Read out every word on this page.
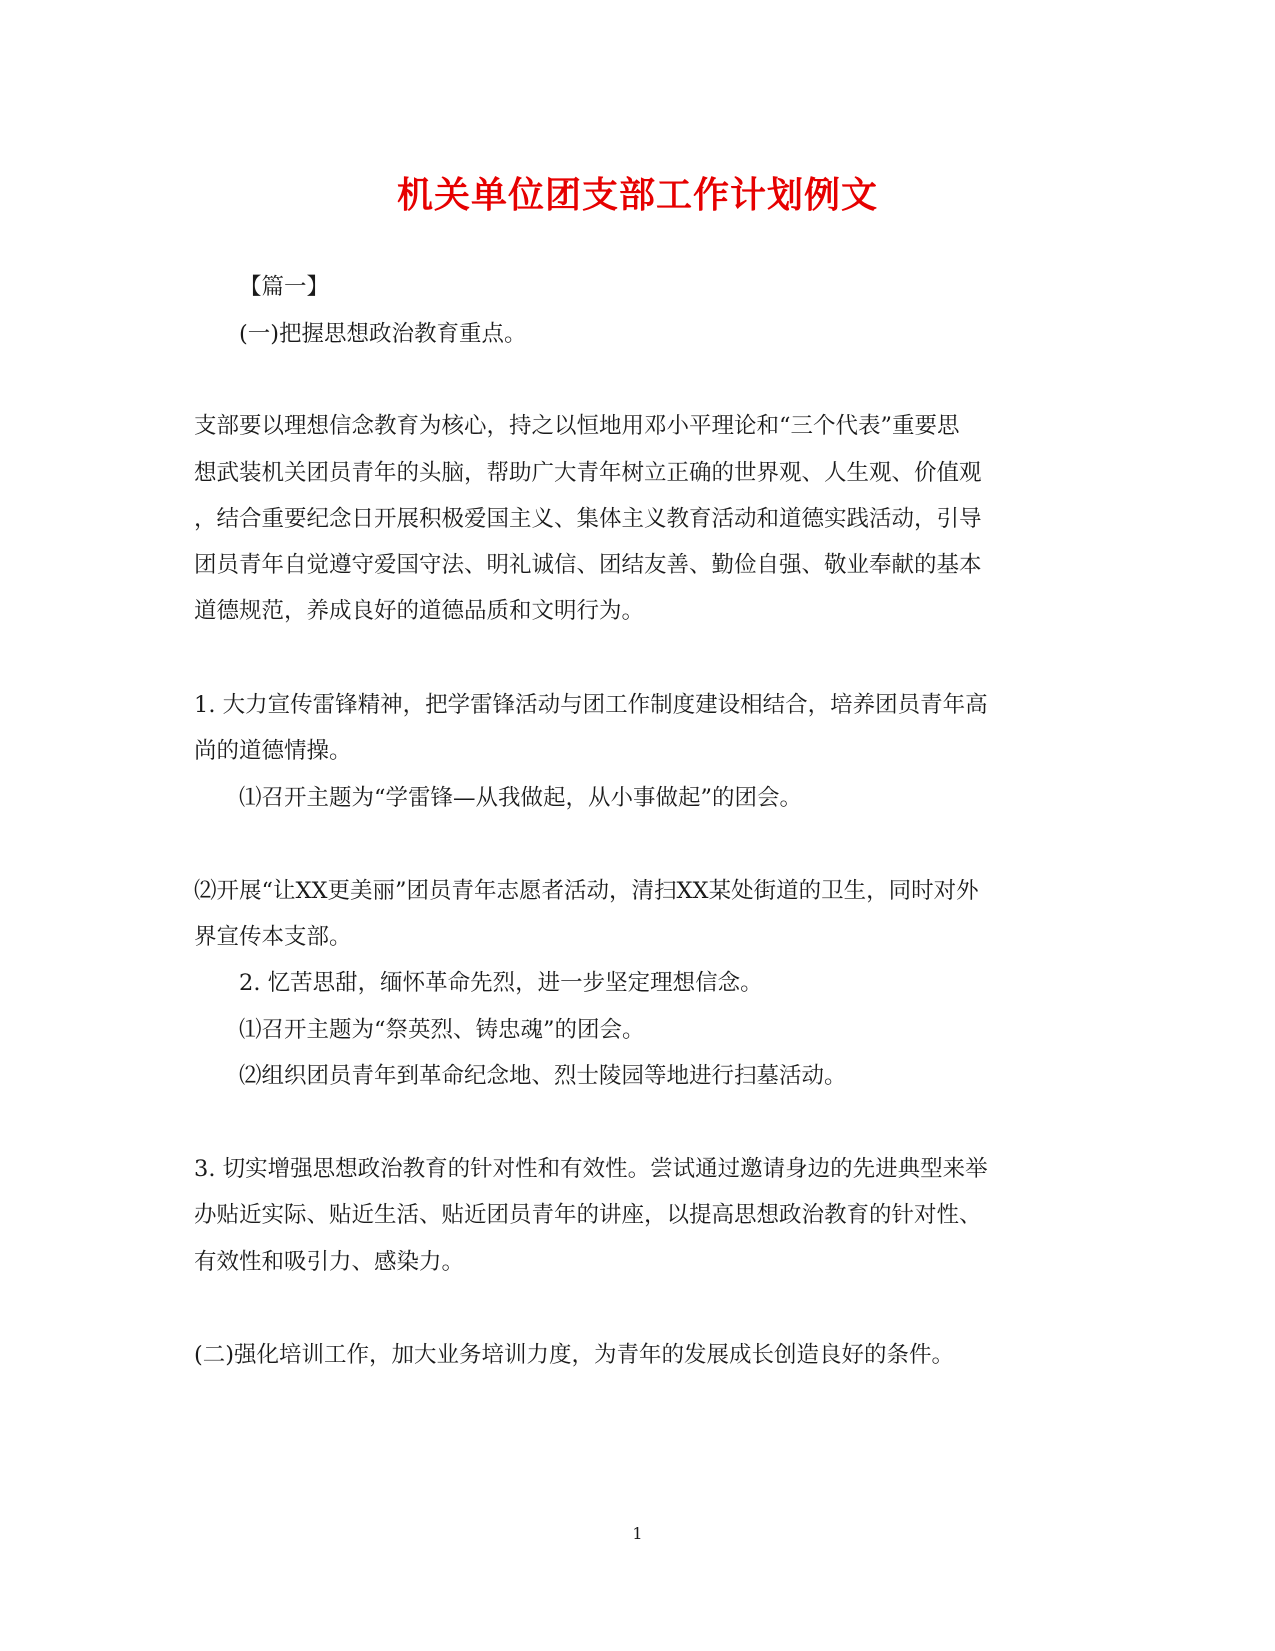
机关单位团支部工作计划例文
【篇一】
(一)把握思想政治教育重点。
支部要以理想信念教育为核心，持之以恒地用邓小平理论和“三个代表”重要思
想武装机关团员青年的头脑，帮助广大青年树立正确的世界观、人生观、价值观
，结合重要纪念日开展积极爱国主义、集体主义教育活动和道德实践活动，引导
团员青年自觉遵守爱国守法、明礼诚信、团结友善、勤俭自强、敬业奉献的基本
道德规范，养成良好的道德品质和文明行为。
1. 大力宣传雷锋精神，把学雷锋活动与团工作制度建设相结合，培养团员青年高
尚的道德情操。
⑴召开主题为“学雷锋—从我做起，从小事做起”的团会。
⑵开展“让XX更美丽”团员青年志愿者活动，清扫XX某处街道的卫生，同时对外
界宣传本支部。
2. 忆苦思甜，缅怀革命先烈，进一步坚定理想信念。
⑴召开主题为“祭英烈、铸忠魂”的团会。
⑵组织团员青年到革命纪念地、烈士陵园等地进行扫墓活动。
3. 切实增强思想政治教育的针对性和有效性。尝试通过邀请身边的先进典型来举
办贴近实际、贴近生活、贴近团员青年的讲座，以提高思想政治教育的针对性、
有效性和吸引力、感染力。
(二)强化培训工作，加大业务培训力度，为青年的发展成长创造良好的条件。
1
